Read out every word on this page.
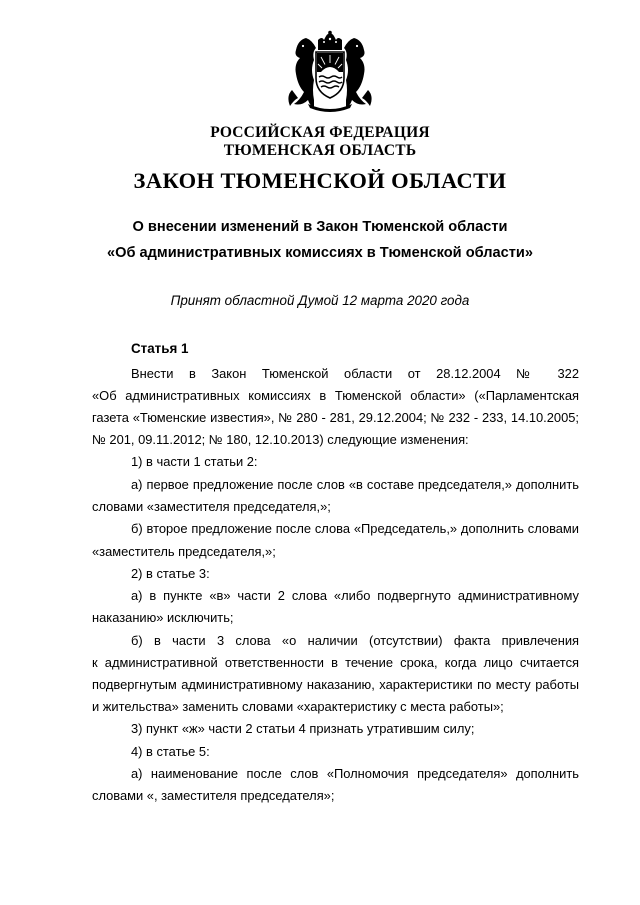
РОССИЙСКАЯ ФЕДЕРАЦИЯ
ТЮМЕНСКАЯ ОБЛАСТЬ
ЗАКОН ТЮМЕНСКОЙ ОБЛАСТИ
О внесении изменений в Закон Тюменской области
«Об административных комиссиях в Тюменской области»
Принят областной Думой 12 марта 2020 года
Статья 1
Внести в Закон Тюменской области от 28.12.2004 № 322
«Об административных комиссиях в Тюменской области» («Парламентская
газета «Тюменские известия», № 280 - 281, 29.12.2004; № 232 - 233, 14.10.2005;
№ 201, 09.11.2012; № 180, 12.10.2013) следующие изменения:
1) в части 1 статьи 2:
а) первое предложение после слов «в составе председателя,» дополнить
словами «заместителя председателя,»;
б) второе предложение после слова «Председатель,» дополнить словами
«заместитель председателя,»;
2) в статье 3:
а) в пункте «в» части 2 слова «либо подвергнуто административному
наказанию» исключить;
б) в части 3 слова «о наличии (отсутствии) факта привлечения
к административной ответственности в течение срока, когда лицо считается
подвергнутым административному наказанию, характеристики по месту работы
и жительства» заменить словами «характеристику с места работы»;
3) пункт «ж» части 2 статьи 4 признать утратившим силу;
4) в статье 5:
а) наименование после слов «Полномочия председателя» дополнить
словами «, заместителя председателя»;
